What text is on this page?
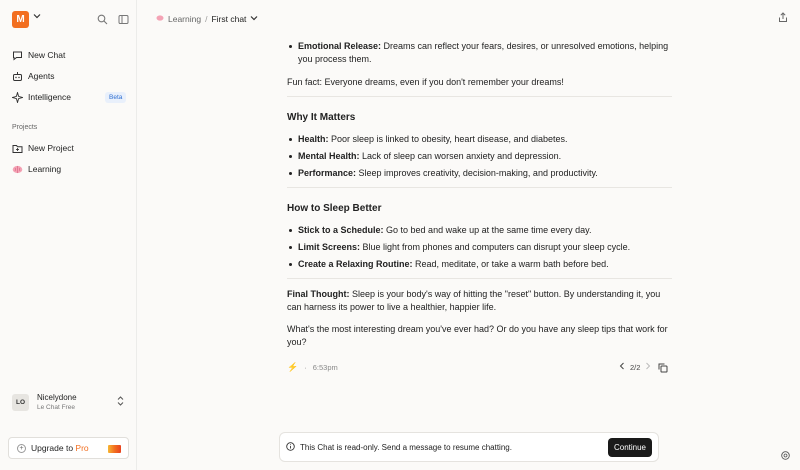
M
New Chat
Agents
Intelligence	Beta
Projects
New Project
Learning
LO	Nicelydone
Le Chat Free
+ Upgrade to Pro
Learning / First chat
Emotional Release: Dreams can reflect your fears, desires, or unresolved emotions, helping you process them.
Fun fact: Everyone dreams, even if you don't remember your dreams!
Why It Matters
Health: Poor sleep is linked to obesity, heart disease, and diabetes.
Mental Health: Lack of sleep can worsen anxiety and depression.
Performance: Sleep improves creativity, decision-making, and productivity.
How to Sleep Better
Stick to a Schedule: Go to bed and wake up at the same time every day.
Limit Screens: Blue light from phones and computers can disrupt your sleep cycle.
Create a Relaxing Routine: Read, meditate, or take a warm bath before bed.
Final Thought: Sleep is your body's way of hitting the "reset" button. By understanding it, you can harness its power to live a healthier, happier life.
What's the most interesting dream you've ever had? Or do you have any sleep tips that work for you?
⚡ · 6:53pm	2/2
This Chat is read-only. Send a message to resume chatting.	Continue
